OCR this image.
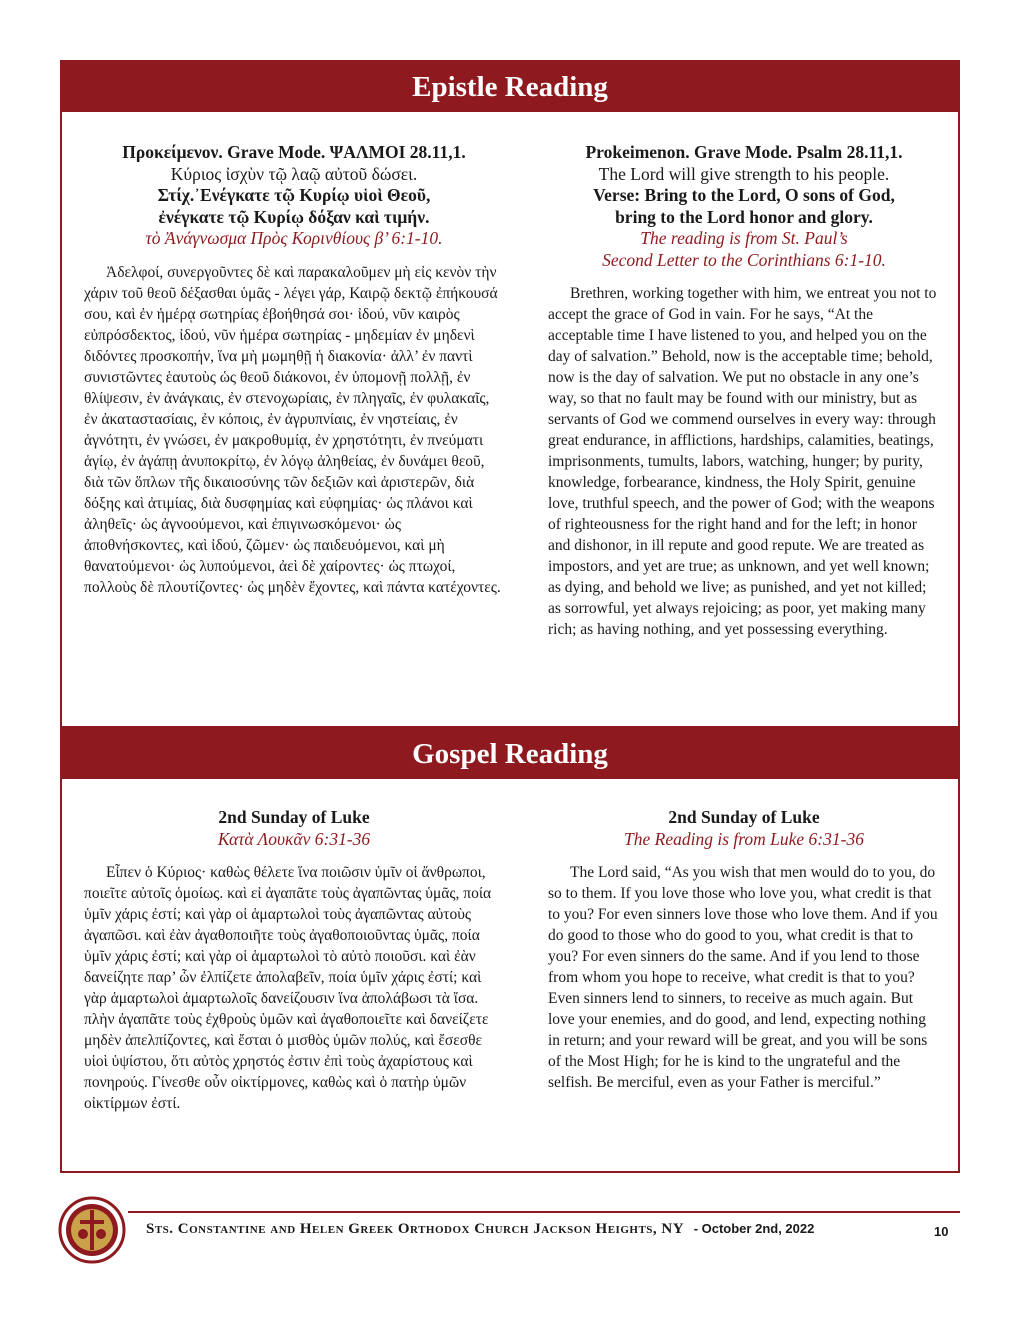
Epistle Reading
Προκείμενον. Grave Mode. ΨΑΛΜΟΙ 28.11,1.
Κύριος ἰσχὺν τῷ λαῷ αὐτοῦ δώσει.
Στίχ.᾿Ενέγκατε τῷ Κυρίῳ υἱοὶ Θεοῦ,
ἐνέγκατε τῷ Κυρίῳ δόξαν καὶ τιμήν.
τὸ Ἀνάγνωσμα Πρὸς Κορινθίους β’ 6:1-10.
Ἀδελφοί, συνεργοῦντες δὲ καὶ παρακαλοῦμεν μὴ εἰς κενὸν τὴν χάριν τοῦ θεοῦ δέξασθαι ὑμᾶς - λέγει γάρ, Καιρῷ δεκτῷ ἐπήκουσά σου, καὶ ἐν ἡμέρᾳ σωτηρίας ἐβοήθησά σοι· ἰδού, νῦν καιρὸς εὐπρόσδεκτος, ἰδού, νῦν ἡμέρα σωτηρίας - μηδεμίαν ἐν μηδενὶ διδόντες προσκοπήν, ἵνα μὴ μωμηθῇ ἡ διακονία· ἀλλ’ ἐν παντὶ συνιστῶντες ἑαυτοὺς ὡς θεοῦ διάκονοι, ἐν ὑπομονῇ πολλῇ, ἐν θλίψεσιν, ἐν ἀνάγκαις, ἐν στενοχωρίαις, ἐν πληγαῖς, ἐν φυλακαῖς, ἐν ἀκαταστασίαις, ἐν κόποις, ἐν ἀγρυπνίαις, ἐν νηστείαις, ἐν ἁγνότητι, ἐν γνώσει, ἐν μακροθυμίᾳ, ἐν χρηστότητι, ἐν πνεύματι ἁγίῳ, ἐν ἀγάπῃ ἀνυποκρίτῳ, ἐν λόγῳ ἀληθείας, ἐν δυνάμει θεοῦ, διὰ τῶν ὅπλων τῆς δικαιοσύνης τῶν δεξιῶν καὶ ἀριστερῶν, διὰ δόξης καὶ ἀτιμίας, διὰ δυσφημίας καὶ εὐφημίας· ὡς πλάνοι καὶ ἀληθεῖς· ὡς ἀγνοούμενοι, καὶ ἐπιγινωσκόμενοι· ὡς ἀποθνήσκοντες, καὶ ἰδού, ζῶμεν· ὡς παιδευόμενοι, καὶ μὴ θανατούμενοι· ὡς λυπούμενοι, ἀεὶ δὲ χαίροντες· ὡς πτωχοί, πολλοὺς δὲ πλουτίζοντες· ὡς μηδὲν ἔχοντες, καὶ πάντα κατέχοντες.
Prokeimenon. Grave Mode. Psalm 28.11,1.
The Lord will give strength to his people.
Verse: Bring to the Lord, O sons of God,
bring to the Lord honor and glory.
The reading is from St. Paul’s
Second Letter to the Corinthians 6:1-10.
Brethren, working together with him, we entreat you not to accept the grace of God in vain. For he says, “At the acceptable time I have listened to you, and helped you on the day of salvation.” Behold, now is the acceptable time; behold, now is the day of salvation. We put no obstacle in any one’s way, so that no fault may be found with our ministry, but as servants of God we commend ourselves in every way: through great endurance, in afflictions, hardships, calamities, beatings, imprisonments, tumults, labors, watching, hunger; by purity, knowledge, forbearance, kindness, the Holy Spirit, genuine love, truthful speech, and the power of God; with the weapons of righteousness for the right hand and for the left; in honor and dishonor, in ill repute and good repute. We are treated as impostors, and yet are true; as unknown, and yet well known; as dying, and behold we live; as punished, and yet not killed; as sorrowful, yet always rejoicing; as poor, yet making many rich; as having nothing, and yet possessing everything.
Gospel Reading
2nd Sunday of Luke
Κατὰ Λουκᾶν 6:31-36
Εἶπεν ὁ Κύριος· καθὼς θέλετε ἵνα ποιῶσιν ὑμῖν οἱ ἄνθρωποι, ποιεῖτε αὐτοῖς ὁμοίως. καὶ εἰ ἀγαπᾶτε τοὺς ἀγαπῶντας ὑμᾶς, ποία ὑμῖν χάρις ἐστί; καὶ γὰρ οἱ ἁμαρτωλοὶ τοὺς ἀγαπῶντας αὐτοὺς ἀγαπῶσι. καὶ ἐὰν ἀγαθοποιῆτε τοὺς ἀγαθοποιοῦντας ὑμᾶς, ποία ὑμῖν χάρις ἐστί; καὶ γὰρ οἱ ἁμαρτωλοὶ τὸ αὐτὸ ποιοῦσι. καὶ ἐὰν δανείζητε παρ’ ὧν ἐλπίζετε ἀπολαβεῖν, ποία ὑμῖν χάρις ἐστί; καὶ γὰρ ἁμαρτωλοὶ ἁμαρτωλοῖς δανείζουσιν ἵνα ἀπολάβωσι τὰ ἴσα. πλὴν ἀγαπᾶτε τοὺς ἐχθροὺς ὑμῶν καὶ ἀγαθοποιεῖτε καὶ δανείζετε μηδὲν ἀπελπίζοντες, καὶ ἔσται ὁ μισθὸς ὑμῶν πολύς, καὶ ἔσεσθε υἱοὶ ὑψίστου, ὅτι αὐτὸς χρηστός ἐστιν ἐπὶ τοὺς ἀχαρίστους καὶ πονηρούς. Γίνεσθε οὖν οἰκτίρμονες, καθὼς καὶ ὁ πατὴρ ὑμῶν οἰκτίρμων ἐστί.
2nd Sunday of Luke
The Reading is from Luke 6:31-36
The Lord said, “As you wish that men would do to you, do so to them. If you love those who love you, what credit is that to you? For even sinners love those who love them. And if you do good to those who do good to you, what credit is that to you? For even sinners do the same. And if you lend to those from whom you hope to receive, what credit is that to you? Even sinners lend to sinners, to receive as much again. But love your enemies, and do good, and lend, expecting nothing in return; and your reward will be great, and you will be sons of the Most High; for he is kind to the ungrateful and the selfish. Be merciful, even as your Father is merciful.”
Sts. Constantine and Helen Greek Orthodox Church Jackson Heights, NY - October 2nd, 2022	10
